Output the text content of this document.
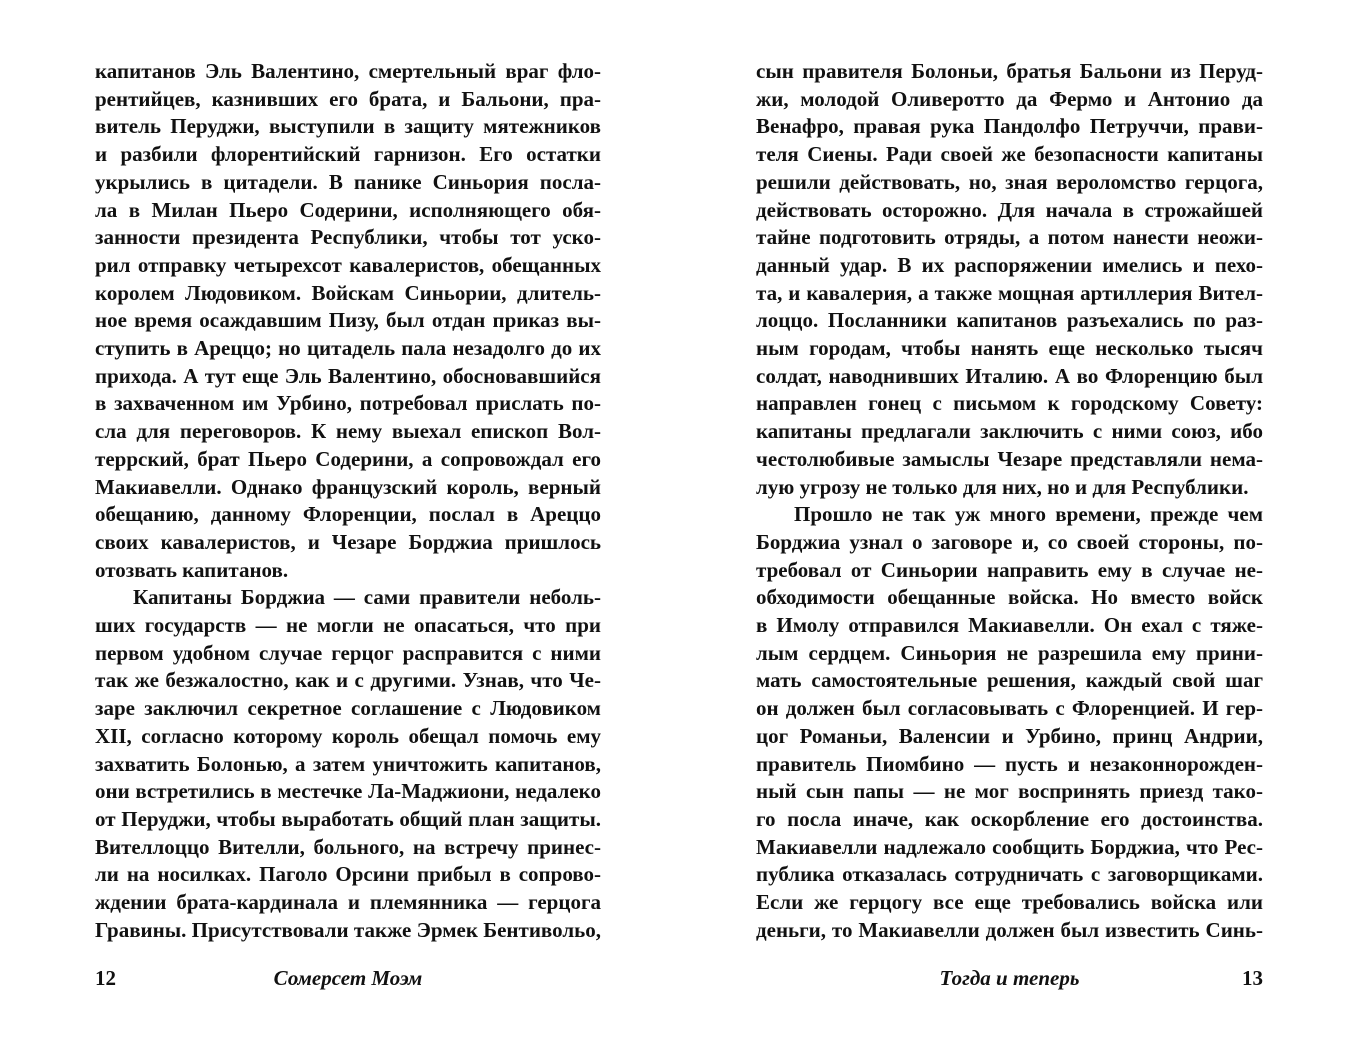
капитанов Эль Валентино, смертельный враг фло-
рентийцев, казнивших его брата, и Бальони, пра-
витель Перуджи, выступили в защиту мятежников
и разбили флорентийский гарнизон. Его остатки
укрылись в цитадели. В панике Синьория посла-
ла в Милан Пьеро Содерини, исполняющего обя-
занности президента Республики, чтобы тот уско-
рил отправку четырехсот кавалеристов, обещанных
королем Людовиком. Войскам Синьории, длитель-
ное время осаждавшим Пизу, был отдан приказ вы-
ступить в Ареццо; но цитадель пала незадолго до их
прихода. А тут еще Эль Валентино, обосновавшийся
в захваченном им Урбино, потребовал прислать по-
сла для переговоров. К нему выехал епископ Вол-
террский, брат Пьеро Содерини, а сопровождал его
Макиавелли. Однако французский король, верный
обещанию, данному Флоренции, послал в Ареццо
своих кавалеристов, и Чезаре Борджиа пришлось
отозвать капитанов.
Капитаны Борджиа — сами правители неболь-
ших государств — не могли не опасаться, что при
первом удобном случае герцог расправится с ними
так же безжалостно, как и с другими. Узнав, что Че-
заре заключил секретное соглашение с Людовиком
XII, согласно которому король обещал помочь ему
захватить Болонью, а затем уничтожить капитанов,
они встретились в местечке Ла-Маджиони, недалеко
от Перуджи, чтобы выработать общий план защиты.
Вителлоццо Вителли, больного, на встречу принес-
ли на носилках. Паголо Орсини прибыл в сопрово-
ждении брата-кардинала и племянника — герцога
Гравины. Присутствовали также Эрмек Бентивольо,
12	Сомерсет Моэм
сын правителя Болоньи, братья Бальони из Перуд-
жи, молодой Оливеротто да Фермо и Антонио да
Венафро, правая рука Пандолфо Петруччи, прави-
теля Сиены. Ради своей же безопасности капитаны
решили действовать, но, зная вероломство герцога,
действовать осторожно. Для начала в строжайшей
тайне подготовить отряды, а потом нанести неожи-
данный удар. В их распоряжении имелись и пехо-
та, и кавалерия, а также мощная артиллерия Вител-
лоццо. Посланники капитанов разъехались по раз-
ным городам, чтобы нанять еще несколько тысяч
солдат, наводнивших Италию. А во Флоренцию был
направлен гонец с письмом к городскому Совету:
капитаны предлагали заключить с ними союз, ибо
честолюбивые замыслы Чезаре представляли нема-
лую угрозу не только для них, но и для Республики.
Прошло не так уж много времени, прежде чем
Борджиа узнал о заговоре и, со своей стороны, по-
требовал от Синьории направить ему в случае не-
обходимости обещанные войска. Но вместо войск
в Имолу отправился Макиавелли. Он ехал с тяже-
лым сердцем. Синьория не разрешила ему прини-
мать самостоятельные решения, каждый свой шаг
он должен был согласовывать с Флоренцией. И гер-
цог Романьи, Валенсии и Урбино, принц Андрии,
правитель Пиомбино — пусть и незаконнорожден-
ный сын папы — не мог воспринять приезд тако-
го посла иначе, как оскорбление его достоинства.
Макиавелли надлежало сообщить Борджиа, что Рес-
публика отказалась сотрудничать с заговорщиками.
Если же герцогу все еще требовались войска или
деньги, то Макиавелли должен был известить Синь-
Тогда и теперь	13
